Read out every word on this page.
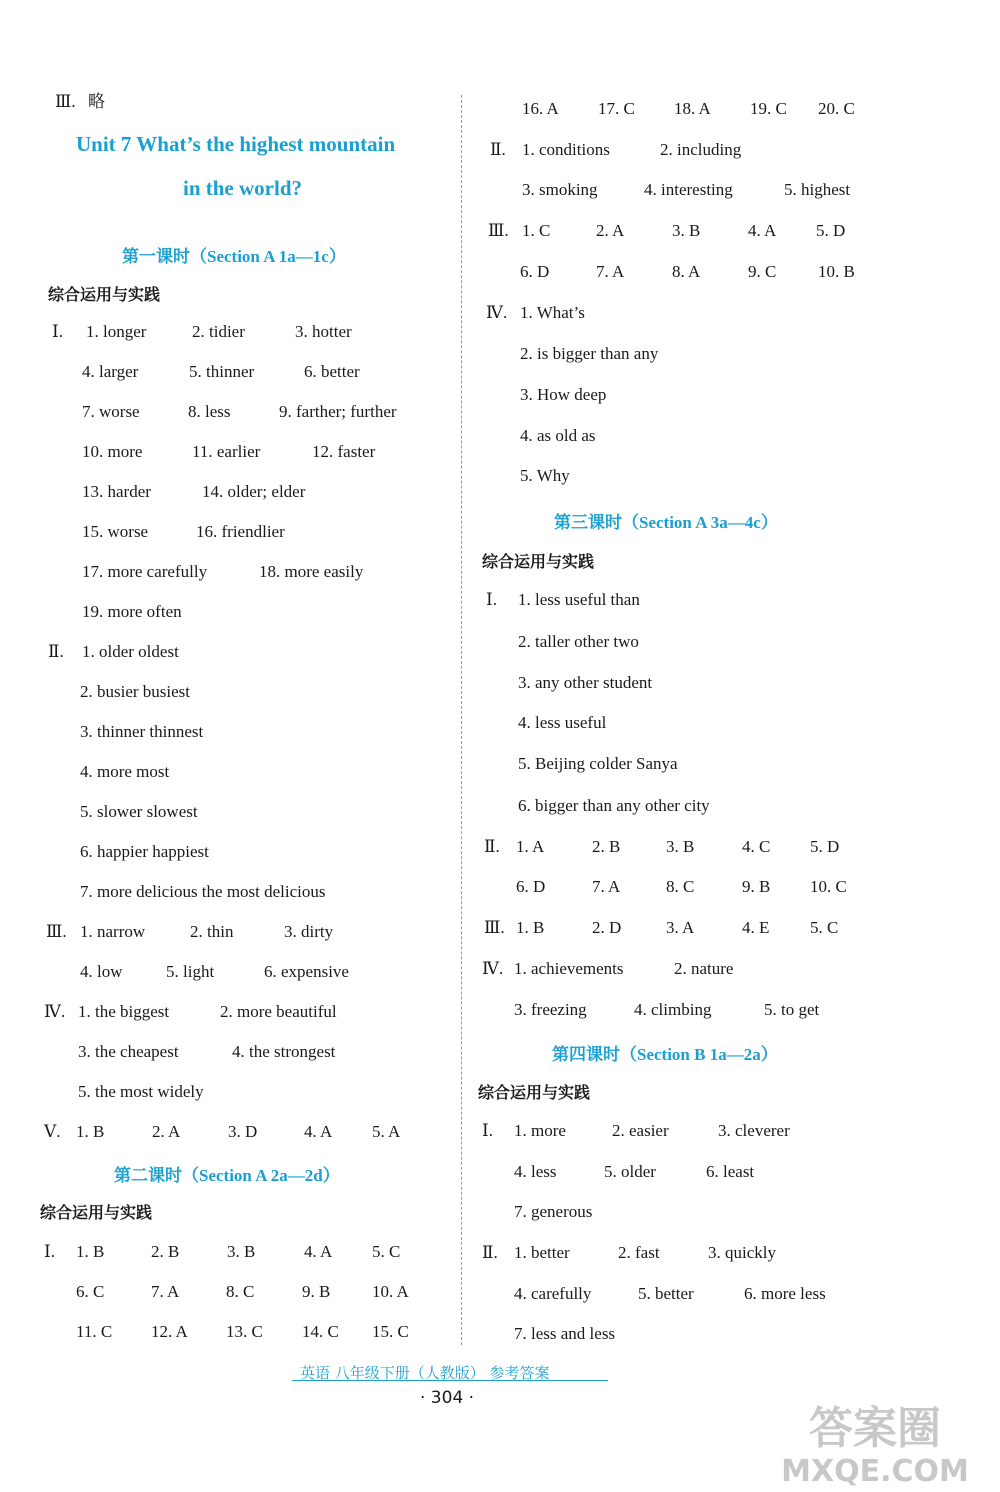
Ⅲ. 略
Unit 7 What’s the highest mountain
in the world?
第一课时（Section A 1a—1c）
综合运用与实践
Ⅰ. 1. longer	2. tidier	3. hotter
4. larger	5. thinner	6. better
7. worse	8. less	9. farther; further
10. more	11. earlier	12. faster
13. harder	14. older; elder
15. worse	16. friendlier
17. more carefully	18. more easily
19. more often
Ⅱ. 1. older oldest
2. busier busiest
3. thinner thinnest
4. more most
5. slower slowest
6. happier happiest
7. more delicious the most delicious
Ⅲ. 1. narrow	2. thin	3. dirty
4. low	5. light	6. expensive
Ⅳ. 1. the biggest	2. more beautiful
3. the cheapest	4. the strongest
5. the most widely
Ⅴ. 1. B	2. A	3. D	4. A 5. A
第二课时（Section A 2a—2d）
综合运用与实践
Ⅰ. 1. B	2. B	3. B	4. A 5. C
6. C	7. A	8. C	9. B 10. A
11. C 12. A 13. C 14. C 15. C
16. A 17. C 18. A 19. C 20. C
Ⅱ. 1. conditions	2. including
3. smoking	4. interesting	5. highest
Ⅲ. 1. C	2. A	3. B	4. A 5. D
6. D	7. A	8. A	9. C 10. B
Ⅳ. 1. What’s
2. is bigger than any
3. How deep
4. as old as
5. Why
第三课时（Section A 3a—4c）
综合运用与实践
Ⅰ. 1. less useful than
2. taller other two
3. any other student
4. less useful
5. Beijing colder Sanya
6. bigger than any other city
Ⅱ. 1. A	2. B	3. B	4. C 5. D
6. D	7. A	8. C	9. B 10. C
Ⅲ. 1. B	2. D	3. A	4. E 5. C
Ⅳ. 1. achievements	2. nature
3. freezing	4. climbing	5. to get
第四课时（Section B 1a—2a）
综合运用与实践
Ⅰ. 1. more	2. easier	3. cleverer
4. less	5. older	6. least
7. generous
Ⅱ. 1. better	2. fast	3. quickly
4. carefully	5. better	6. more less
7. less and less
英语 八年级下册（人教版） 参考答案
· 304 ·
答案圈
MXQE.COM
